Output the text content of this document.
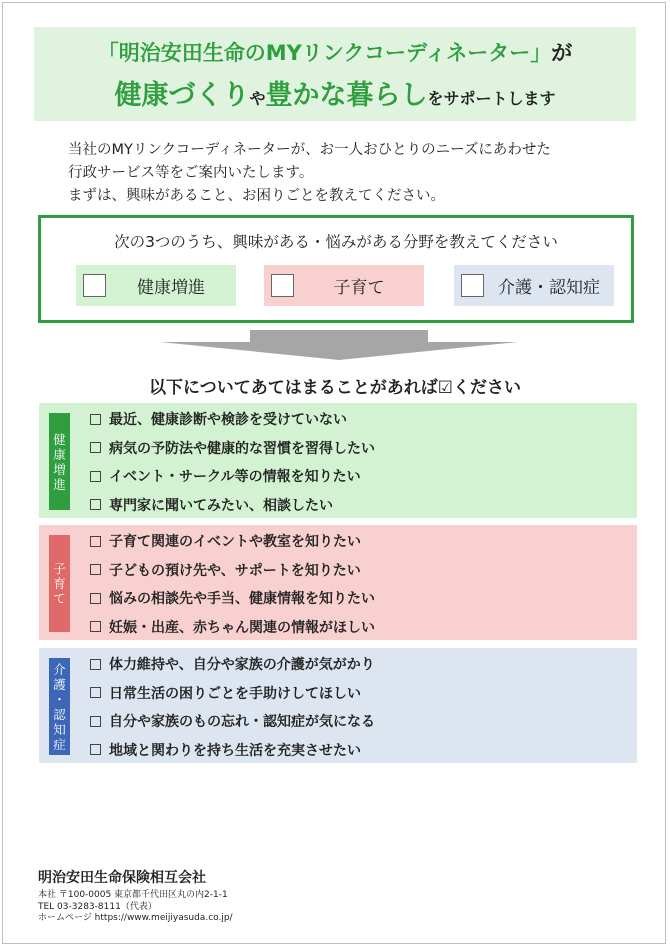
「明治安田生命のMYリンクコーディネーター」が
健康づくりや豊かな暮らしをサポートします
当社のMYリンクコーディネーターが、お一人おひとりのニーズにあわせた
行政サービス等をご案内いたします。
まずは、興味があること、お困りごとを教えてください。
次の3つのうち、興味がある・悩みがある分野を教えてください
健康増進	子育て	介護・認知症
以下についてあてはまることがあれば☑ください
健
康
増
進
最近、健康診断や検診を受けていない
病気の予防法や健康的な習慣を習得したい
イベント・サークル等の情報を知りたい
専門家に聞いてみたい、相談したい
子
育
て
子育て関連のイベントや教室を知りたい
子どもの預け先や、サポートを知りたい
悩みの相談先や手当、健康情報を知りたい
妊娠・出産、赤ちゃん関連の情報がほしい
介
護
・
認
知
症
体力維持や、自分や家族の介護が気がかり
日常生活の困りごとを手助けしてほしい
自分や家族のもの忘れ・認知症が気になる
地域と関わりを持ち生活を充実させたい
明治安田生命保険相互会社
本社 〒100-0005 東京都千代田区丸の内2-1-1
TEL 03-3283-8111（代表）
ホームページ https://www.meijiyasuda.co.jp/
